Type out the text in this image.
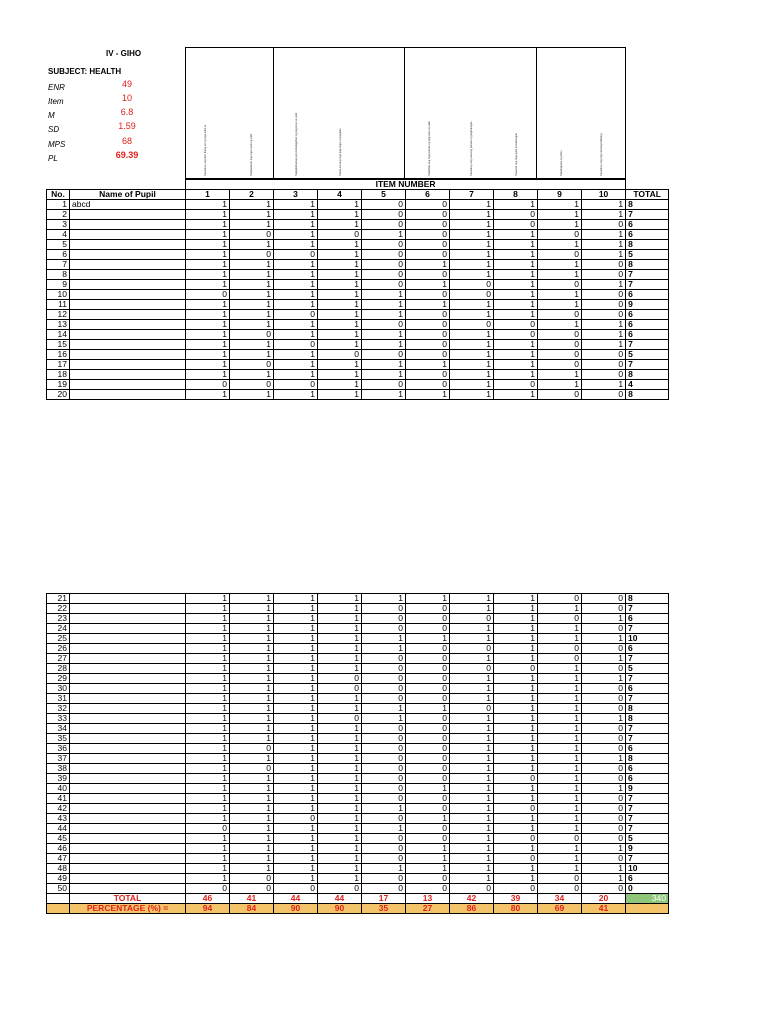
IV - GIHO
SUBJECT: HEALTH
ENR	49
Item	10
M	6.8
SD	1.59
MPS	68
PL	69.39	Natutukoy ang iba't ibang uri ng mga sakit at	Nailalarawan ang mga sanhi ng sakit	Naipapaliwanag ang kahalagahan ng pag-iwas sa sakit	Naiisa-isa ang mga pag-iingat sa pagkain	Nakikilala ang mga paraan ng pag-iwas sa sakit	Natutukoy ang wastong paraan ng paghuhugas	Nasusuri ang mga gawi sa kalusugan	Nakakagawa ng plano	Natutukoy ang mga tamang hakbang
		ITEM NUMBER										
No.	Name of Pupil	1	2	3	4	5	6	7	8	9	10	TOTAL
1	abcd	1	1	1	1	0	0	1	1	1	1	8
2		1	1	1	1	0	0	1	0	1	1	7
3		1	1	1	1	0	0	1	0	1	0	6
4		1	0	1	0	1	0	1	1	0	1	6
5		1	1	1	1	0	0	1	1	1	1	8
6		1	0	0	1	0	0	1	1	0	1	5
7		1	1	1	1	0	1	1	1	1	0	8
8		1	1	1	1	0	0	1	1	1	0	7
9		1	1	1	1	0	1	0	1	0	1	7
10		0	1	1	1	1	0	0	1	1	0	6
11		1	1	1	1	1	1	1	1	1	0	9
12		1	1	0	1	1	0	1	1	0	0	6
13		1	1	1	1	0	0	0	0	1	1	6
14		1	0	1	1	1	0	1	0	0	1	6
15		1	1	0	1	1	0	1	1	0	1	7
16		1	1	1	0	0	0	1	1	0	0	5
17		1	0	1	1	1	1	1	1	0	0	7
18		1	1	1	1	1	0	1	1	1	0	8
19		0	0	0	1	0	0	1	0	1	1	4
20		1	1	1	1	1	1	1	1	0	0	8
21		1	1	1	1	1	1	1	1	0	0	8
22		1	1	1	1	0	0	1	1	1	0	7
23		1	1	1	1	0	0	0	1	0	1	6
24		1	1	1	1	0	0	1	1	1	0	7
25		1	1	1	1	1	1	1	1	1	1	10
26		1	1	1	1	1	0	0	1	0	0	6
27		1	1	1	1	0	0	1	1	0	1	7
28		1	1	1	1	0	0	0	0	1	0	5
29		1	1	1	0	0	0	1	1	1	1	7
30		1	1	1	0	0	0	1	1	1	0	6
31		1	1	1	1	0	0	1	1	1	0	7
32		1	1	1	1	1	1	0	1	1	0	8
33		1	1	1	0	1	0	1	1	1	1	8
34		1	1	1	1	0	0	1	1	1	0	7
35		1	1	1	1	0	0	1	1	1	0	7
36		1	0	1	1	0	0	1	1	1	0	6
37		1	1	1	1	0	0	1	1	1	1	8
38		1	0	1	1	0	0	1	1	1	0	6
39		1	1	1	1	0	0	1	0	1	0	6
40		1	1	1	1	0	1	1	1	1	1	9
41		1	1	1	1	0	0	1	1	1	0	7
42		1	1	1	1	1	0	1	0	1	0	7
43		1	1	0	1	0	1	1	1	1	0	7
44		0	1	1	1	1	0	1	1	1	0	7
45		1	1	1	1	0	0	1	0	0	0	5
46		1	1	1	1	0	1	1	1	1	1	9
47		1	1	1	1	0	1	1	0	1	0	7
48		1	1	1	1	1	1	1	1	1	1	10
49		1	0	1	1	0	0	1	1	0	1	6
50		0	0	0	0	0	0	0	0	0	0	0
	TOTAL	46	41	44	44	17	13	42	39	34	20	340
	PERCENTAGE (%) =	94	84	90	90	35	27	86	80	69	41	
